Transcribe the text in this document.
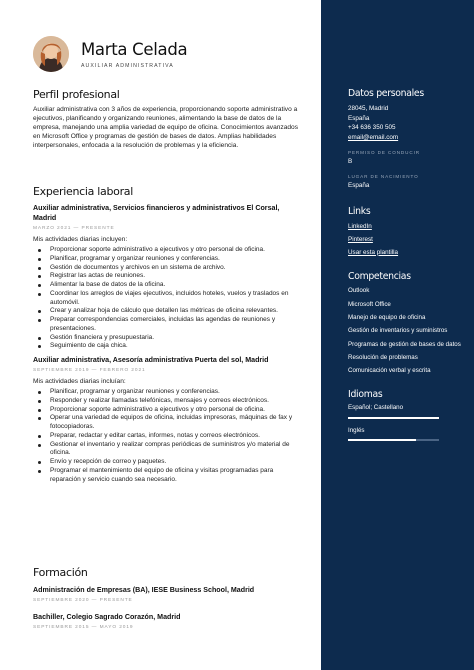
Marta Celada
AUXILIAR ADMINISTRATIVA
Perfil profesional
Auxiliar administrativa con 3 años de experiencia, proporcionando soporte administrativo a ejecutivos, planificando y organizando reuniones, alimentando la base de datos de la empresa, manejando una amplia variedad de equipo de oficina. Conocimientos avanzados en Microsoft Office y programas de gestión de bases de datos. Amplias habilidades interpersonales, enfocada a la resolución de problemas y la eficiencia.
Experiencia laboral
Auxiliar administrativa, Servicios financieros y administrativos El Corsal, Madrid
MARZO 2021 — PRESENTE
Mis actividades diarias incluyen:
Proporcionar soporte administrativo a ejecutivos y otro personal de oficina.
Planificar, programar y organizar reuniones y conferencias.
Gestión de documentos y archivos en un sistema de archivo.
Registrar las actas de reuniones.
Alimentar la base de datos de la oficina.
Coordinar los arreglos de viajes ejecutivos, incluidos hoteles, vuelos y traslados en automóvil.
Crear y analizar hoja de cálculo que detallen las métricas de oficina relevantes.
Preparar correspondencias comerciales, incluidas las agendas de reuniones y presentaciones.
Gestión financiera y presupuestaria.
Seguimiento de caja chica.
Auxiliar administrativa, Asesoría administrativa Puerta del sol, Madrid
SEPTIEMBRE 2019 — FEBRERO 2021
Mis actividades diarias incluían:
Planificar, programar y organizar reuniones y conferencias.
Responder y realizar llamadas telefónicas, mensajes y correos electrónicos.
Proporcionar soporte administrativo a ejecutivos y otro personal de oficina.
Operar una variedad de equipos de oficina, incluidas impresoras, máquinas de fax y fotocopiadoras.
Preparar, redactar y editar cartas, informes, notas y correos electrónicos.
Gestionar el inventario y realizar compras periódicas de suministros y/o material de oficina.
Envío y recepción de correo y paquetes.
Programar el mantenimiento del equipo de oficina y visitas programadas para reparación y servicio cuando sea necesario.
Formación
Administración de Empresas (BA), IESE Business School, Madrid
SEPTIEMBRE 2020 — PRESENTE
Bachiller, Colegio Sagrado Corazón, Madrid
SEPTIEMBRE 2015 — MAYO 2019
Datos personales
28045, Madrid
España
+34 636 350 505
email@email.com
PERMISO DE CONDUCIR
B
LUGAR DE NACIMIENTO
España
Links
LinkedIn
Pinterest
Usar esta plantilla
Competencias
Outlook
Microsoft Office
Manejo de equipo de oficina
Gestión de inventarios y suministros
Programas de gestión de bases de datos
Resolución de problemas
Comunicación verbal y escrita
Idiomas
Español; Castellano
Inglés
